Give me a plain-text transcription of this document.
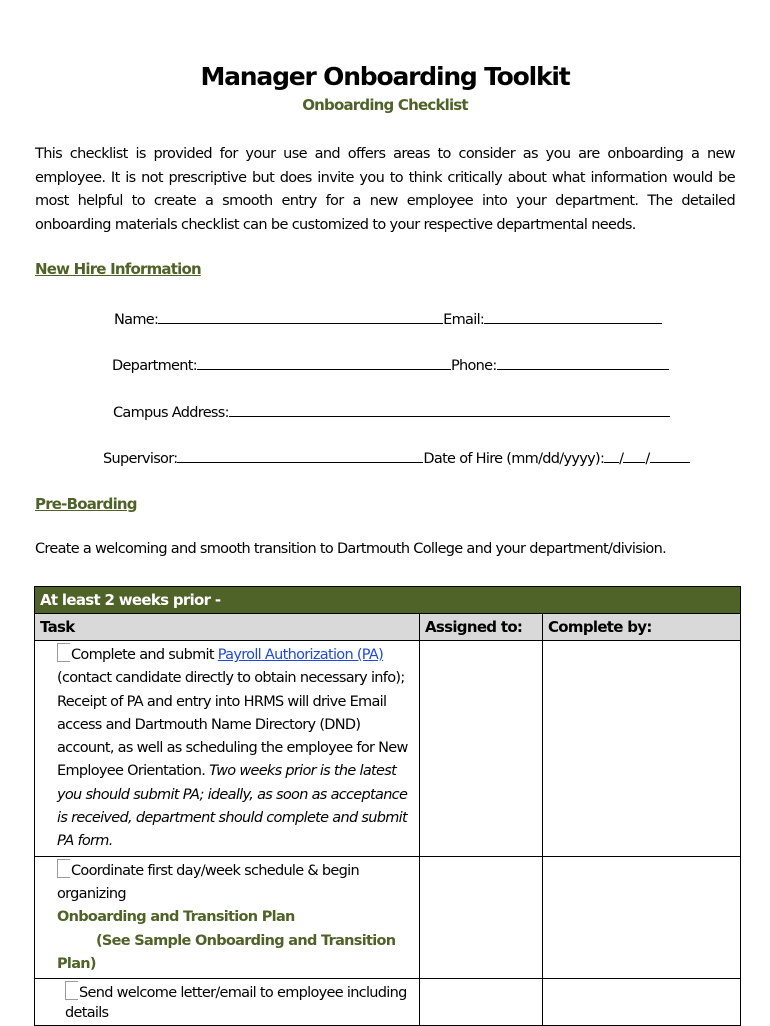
Manager Onboarding Toolkit
Onboarding Checklist
This checklist is provided for your use and offers areas to consider as you are onboarding a new employee. It is not prescriptive but does invite you to think critically about what information would be most helpful to create a smooth entry for a new employee into your department. The detailed onboarding materials checklist can be customized to your respective departmental needs.
New Hire Information
Name:	Email:
Department:	Phone:
Campus Address:
Supervisor:	Date of Hire (mm/dd/yyyy): / /
Pre-Boarding
Create a welcoming and smooth transition to Dartmouth College and your department/division.
At least 2 weeks prior -		
Task	Assigned to:	Complete by:
Complete and submit Payroll Authorization (PA) (contact candidate directly to obtain necessary info); Receipt of PA and entry into HRMS will drive Email access and Dartmouth Name Directory (DND) account, as well as scheduling the employee for New Employee Orientation. Two weeks prior is the latest you should submit PA; ideally, as soon as acceptance is received, department should complete and submit PA form.		
Coordinate first day/week schedule & begin organizing
Onboarding and Transition Plan
(See Sample Onboarding and Transition Plan)		
Send welcome letter/email to employee including details		
